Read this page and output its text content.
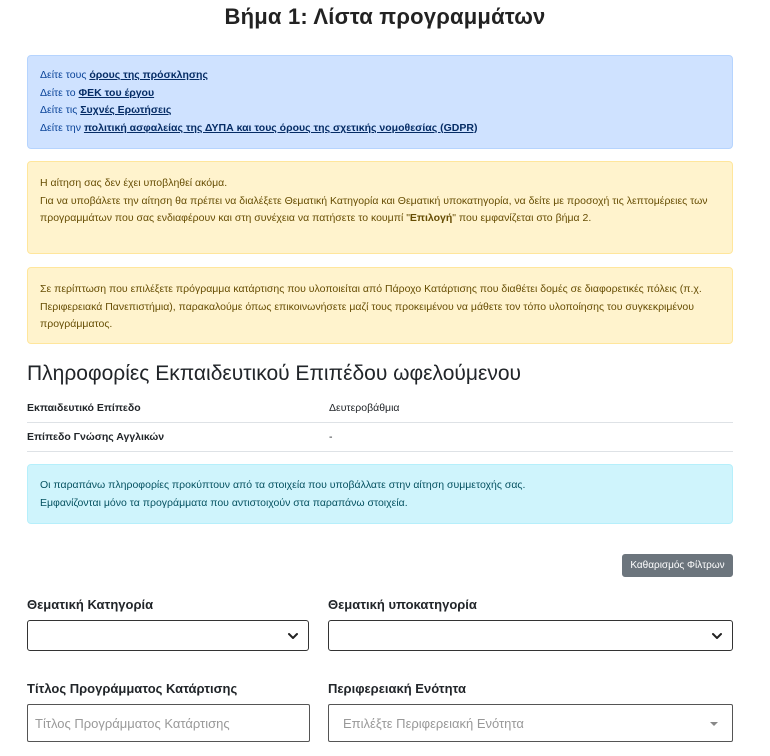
Βήμα 1: Λίστα προγραμμάτων
Δείτε τους όρους της πρόσκλησης
Δείτε το ΦΕΚ του έργου
Δείτε τις Συχνές Ερωτήσεις
Δείτε την πολιτική ασφαλείας της ΔΥΠΑ και τους όρους της σχετικής νομοθεσίας (GDPR)
Η αίτηση σας δεν έχει υποβληθεί ακόμα.
Για να υποβάλετε την αίτηση θα πρέπει να διαλέξετε Θεματική Κατηγορία και Θεματική υποκατηγορία, να δείτε με προσοχή τις λεπτομέρειες των προγραμμάτων που σας ενδιαφέρουν και στη συνέχεια να πατήσετε το κουμπί "Επιλογή" που εμφανίζεται στο βήμα 2.
Σε περίπτωση που επιλέξετε πρόγραμμα κατάρτισης που υλοποιείται από Πάροχο Κατάρτισης που διαθέτει δομές σε διαφορετικές πόλεις (π.χ. Περιφερειακά Πανεπιστήμια), παρακαλούμε όπως επικοινωνήσετε μαζί τους προκειμένου να μάθετε τον τόπο υλοποίησης του συγκεκριμένου προγράμματος.
Πληροφορίες Εκπαιδευτικού Επιπέδου ωφελούμενου
Εκπαιδευτικό Επίπεδο	Δευτεροβάθμια
Επίπεδο Γνώσης Αγγλικών	-
Οι παραπάνω πληροφορίες προκύπτουν από τα στοιχεία που υποβάλλατε στην αίτηση συμμετοχής σας.
Εμφανίζονται μόνο τα προγράμματα που αντιστοιχούν στα παραπάνω στοιχεία.
Καθαρισμός Φίλτρων
Θεματική Κατηγορία	Θεματική υποκατηγορία
Τίτλος Προγράμματος Κατάρτισης
Τίτλος Προγράμματος Κατάρτισης
Περιφερειακή Ενότητα
Επιλέξτε Περιφερειακή Ενότητα
